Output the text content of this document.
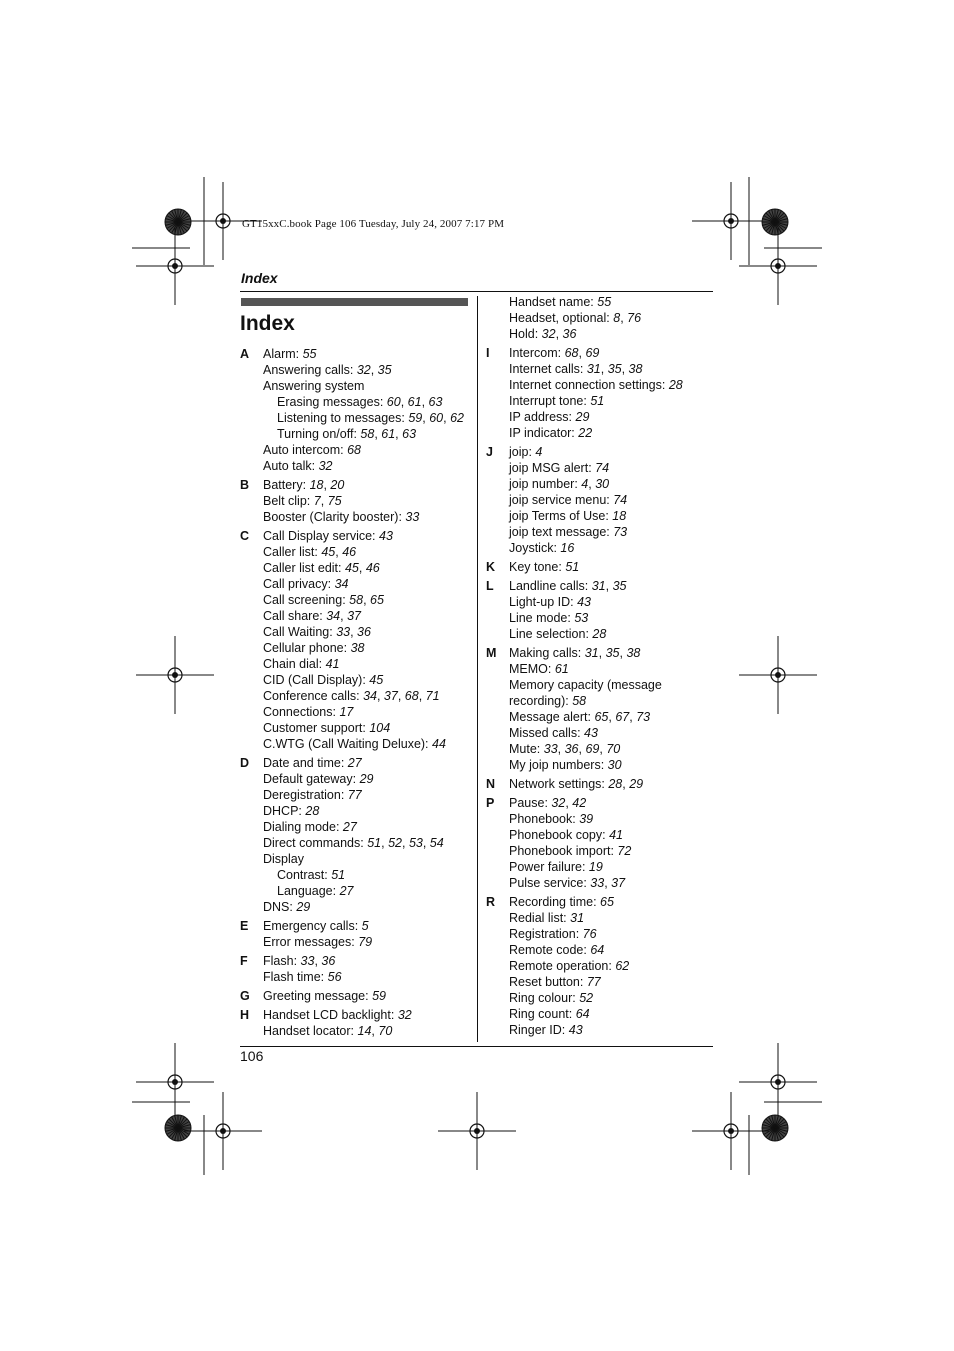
GT15xxC.book Page 106 Tuesday, July 24, 2007 7:17 PM
Index
Index
A	Alarm: 55
Answering calls: 32, 35
Answering system
Erasing messages: 60, 61, 63
Listening to messages: 59, 60, 62
Turning on/off: 58, 61, 63
Auto intercom: 68
Auto talk: 32
B	Battery: 18, 20
Belt clip: 7, 75
Booster (Clarity booster): 33
C	Call Display service: 43
Caller list: 45, 46
Caller list edit: 45, 46
Call privacy: 34
Call screening: 58, 65
Call share: 34, 37
Call Waiting: 33, 36
Cellular phone: 38
Chain dial: 41
CID (Call Display): 45
Conference calls: 34, 37, 68, 71
Connections: 17
Customer support: 104
C.WTG (Call Waiting Deluxe): 44
D	Date and time: 27
Default gateway: 29
Deregistration: 77
DHCP: 28
Dialing mode: 27
Direct commands: 51, 52, 53, 54
Display
Contrast: 51
Language: 27
DNS: 29
E	Emergency calls: 5
Error messages: 79
F	Flash: 33, 36
Flash time: 56
G	Greeting message: 59
H	Handset LCD backlight: 32
Handset locator: 14, 70
Handset name: 55
Headset, optional: 8, 76
Hold: 32, 36
I	Intercom: 68, 69
Internet calls: 31, 35, 38
Internet connection settings: 28
Interrupt tone: 51
IP address: 29
IP indicator: 22
J	joip: 4
joip MSG alert: 74
joip number: 4, 30
joip service menu: 74
joip Terms of Use: 18
joip text message: 73
Joystick: 16
K	Key tone: 51
L	Landline calls: 31, 35
Light-up ID: 43
Line mode: 53
Line selection: 28
M	Making calls: 31, 35, 38
MEMO: 61
Memory capacity (message
recording): 58
Message alert: 65, 67, 73
Missed calls: 43
Mute: 33, 36, 69, 70
My joip numbers: 30
N	Network settings: 28, 29
P	Pause: 32, 42
Phonebook: 39
Phonebook copy: 41
Phonebook import: 72
Power failure: 19
Pulse service: 33, 37
R	Recording time: 65
Redial list: 31
Registration: 76
Remote code: 64
Remote operation: 62
Reset button: 77
Ring colour: 52
Ring count: 64
Ringer ID: 43
106
